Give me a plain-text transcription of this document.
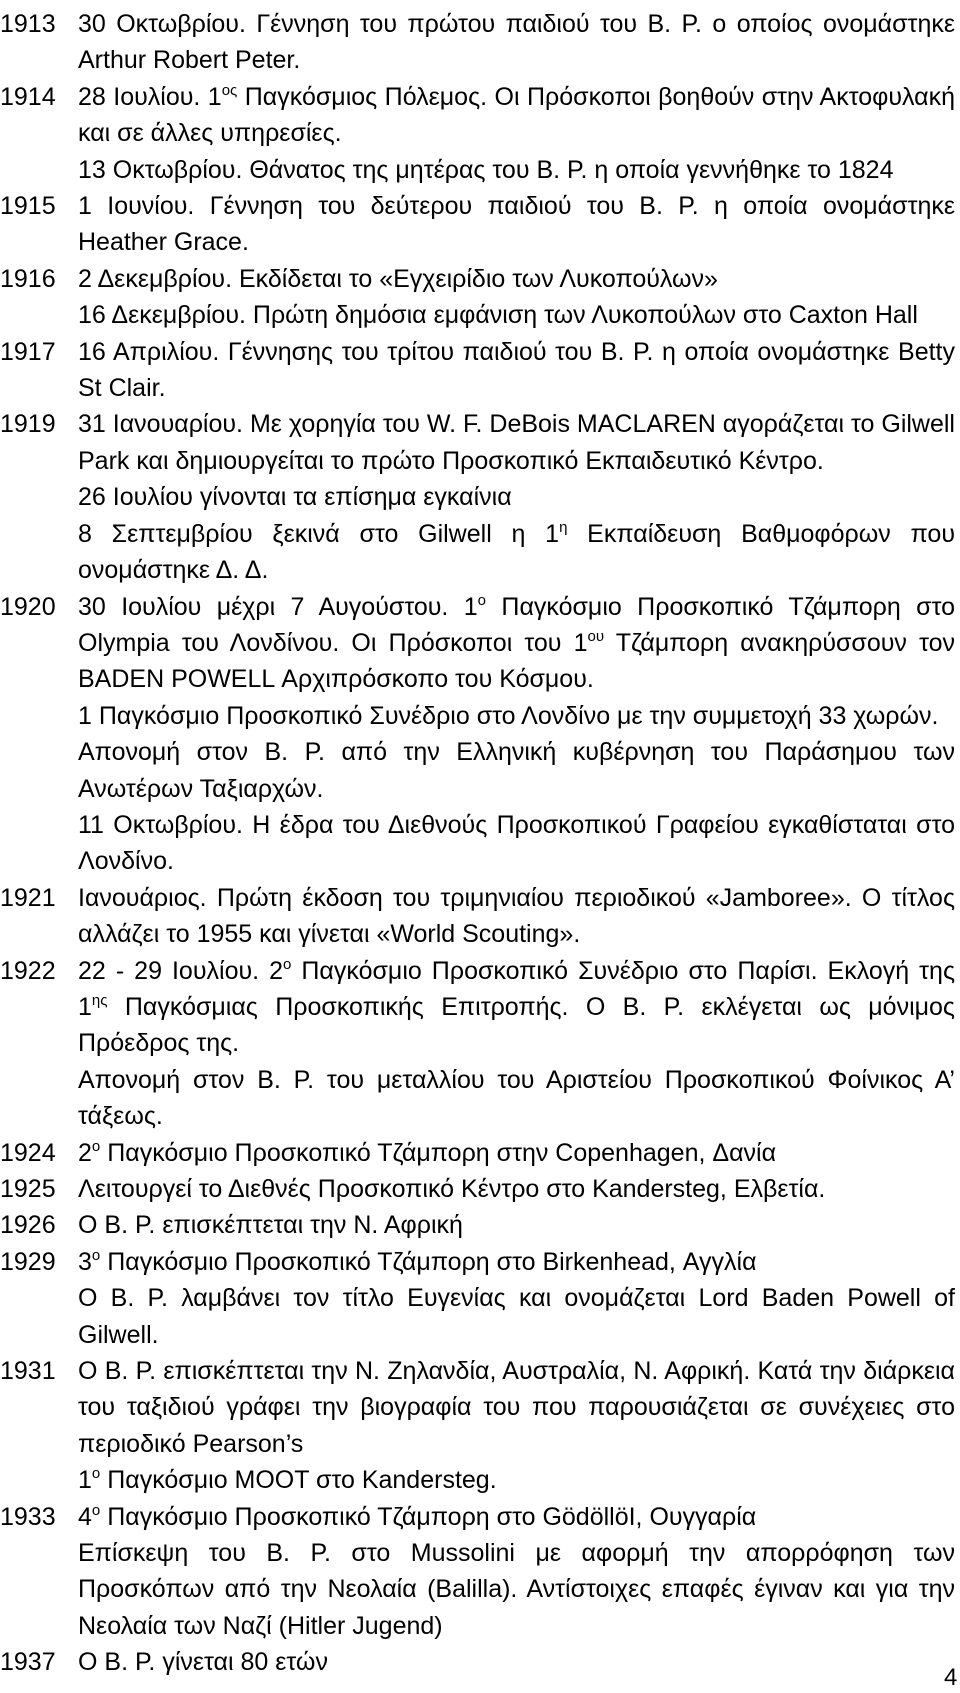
1913 30 Οκτωβρίου. Γέννηση του πρώτου παιδιού του Β. Ρ. ο οποίος ονομάστηκε Arthur Robert Peter.
1914 28 Ιουλίου. $1^{o\varsigma}$ Παγκόσμιος Πόλεμος. Οι Πρόσκοποι βοηθούν στην Ακτοφυλακή και σε άλλες υπηρεσίες.
13 Οκτωβρίου. Θάνατος της μητέρας του Β. Ρ. η οποία γεννήθηκε το 1824
1915 1 Ιουνίου. Γέννηση του δεύτερου παιδιού του Β. Ρ. η οποία ονομάστηκε Heather Grace.
1916 2 Δεκεμβρίου. Εκδίδεται το «Εγχειρίδιο των Λυκοπούλων»
16 Δεκεμβρίου. Πρώτη δημόσια εμφάνιση των Λυκοπούλων στο Caxton Hall
1917 16 Απριλίου. Γέννησης του τρίτου παιδιού του Β. Ρ. η οποία ονομάστηκε Betty St Clair.
1919 31 Ιανουαρίου. Με χορηγία του W. F. DeBois MACLAREN αγοράζεται το Gilwell Park και δημιουργείται το πρώτο Προσκοπικό Εκπαιδευτικό Κέντρο.
26 Ιουλίου γίνονται τα επίσημα εγκαίνια
8 Σεπτεμβρίου ξεκινά στο Gilwell η $1^\eta$ Εκπαίδευση Βαθμοφόρων που ονομάστηκε Δ. Δ.
1920 30 Ιουλίου μέχρι 7 Αυγούστου. $1^o$ Παγκόσμιο Προσκοπικό Τζάμπορη στο Olympia του Λονδίνου. Οι Πρόσκοποι του $1^{o\upsilon}$ Τζάμπορη ανακηρύσσουν τον BADEN POWELL Αρχιπρόσκοπο του Κόσμου.
1 Παγκόσμιο Προσκοπικό Συνέδριο στο Λονδίνο με την συμμετοχή 33 χωρών.
Απονομή στον Β. Ρ. από την Ελληνική κυβέρνηση του Παράσημου των Ανωτέρων Ταξιαρχών.
11 Οκτωβρίου. Η έδρα του Διεθνούς Προσκοπικού Γραφείου εγκαθίσταται στο Λονδίνο.
1921 Ιανουάριος. Πρώτη έκδοση του τριμηνιαίου περιοδικού «Jamboree». Ο τίτλος αλλάζει το 1955 και γίνεται «World Scouting».
1922 22 - 29 Ιουλίου. $2^o$ Παγκόσμιο Προσκοπικό Συνέδριο στο Παρίσι. Εκλογή της $1^{\eta\varsigma}$ Παγκόσμιας Προσκοπικής Επιτροπής. Ο Β. Ρ. εκλέγεται ως μόνιμος Πρόεδρος της.
Απονομή στον Β. Ρ. του μεταλλίου του Αριστείου Προσκοπικού Φοίνικος Α’ τάξεως.
1924 $2^o$ Παγκόσμιο Προσκοπικό Τζάμπορη στην Copenhagen, Δανία
1925 Λειτουργεί το Διεθνές Προσκοπικό Κέντρο στο Kandersteg, Ελβετία.
1926 Ο Β. Ρ. επισκέπτεται την Ν. Αφρική
1929 $3^o$ Παγκόσμιο Προσκοπικό Τζάμπορη στο Birkenhead, Αγγλία
Ο Β. Ρ. λαμβάνει τον τίτλο Ευγενίας και ονομάζεται Lord Baden Powell of Gilwell.
1931 Ο Β. Ρ. επισκέπτεται την Ν. Ζηλανδία, Αυστραλία, Ν. Αφρική. Κατά την διάρκεια του ταξιδιού γράφει την βιογραφία του που παρουσιάζεται σε συνέχειες στο περιοδικό Pearson’s
$1^o$ Παγκόσμιο MOOT στο Kandersteg.
1933 $4^o$ Παγκόσμιο Προσκοπικό Τζάμπορη στο GӧdӧllӧΙ, Ουγγαρία
Επίσκεψη του Β. Ρ. στο Mussolini με αφορμή την απορρόφηση των Προσκόπων από την Νεολαία (Balilla). Αντίστοιχες επαφές έγιναν και για την Νεολαία των Ναζί (Hitler Jugend)
1937 Ο Β. Ρ. γίνεται 80 ετών
4
